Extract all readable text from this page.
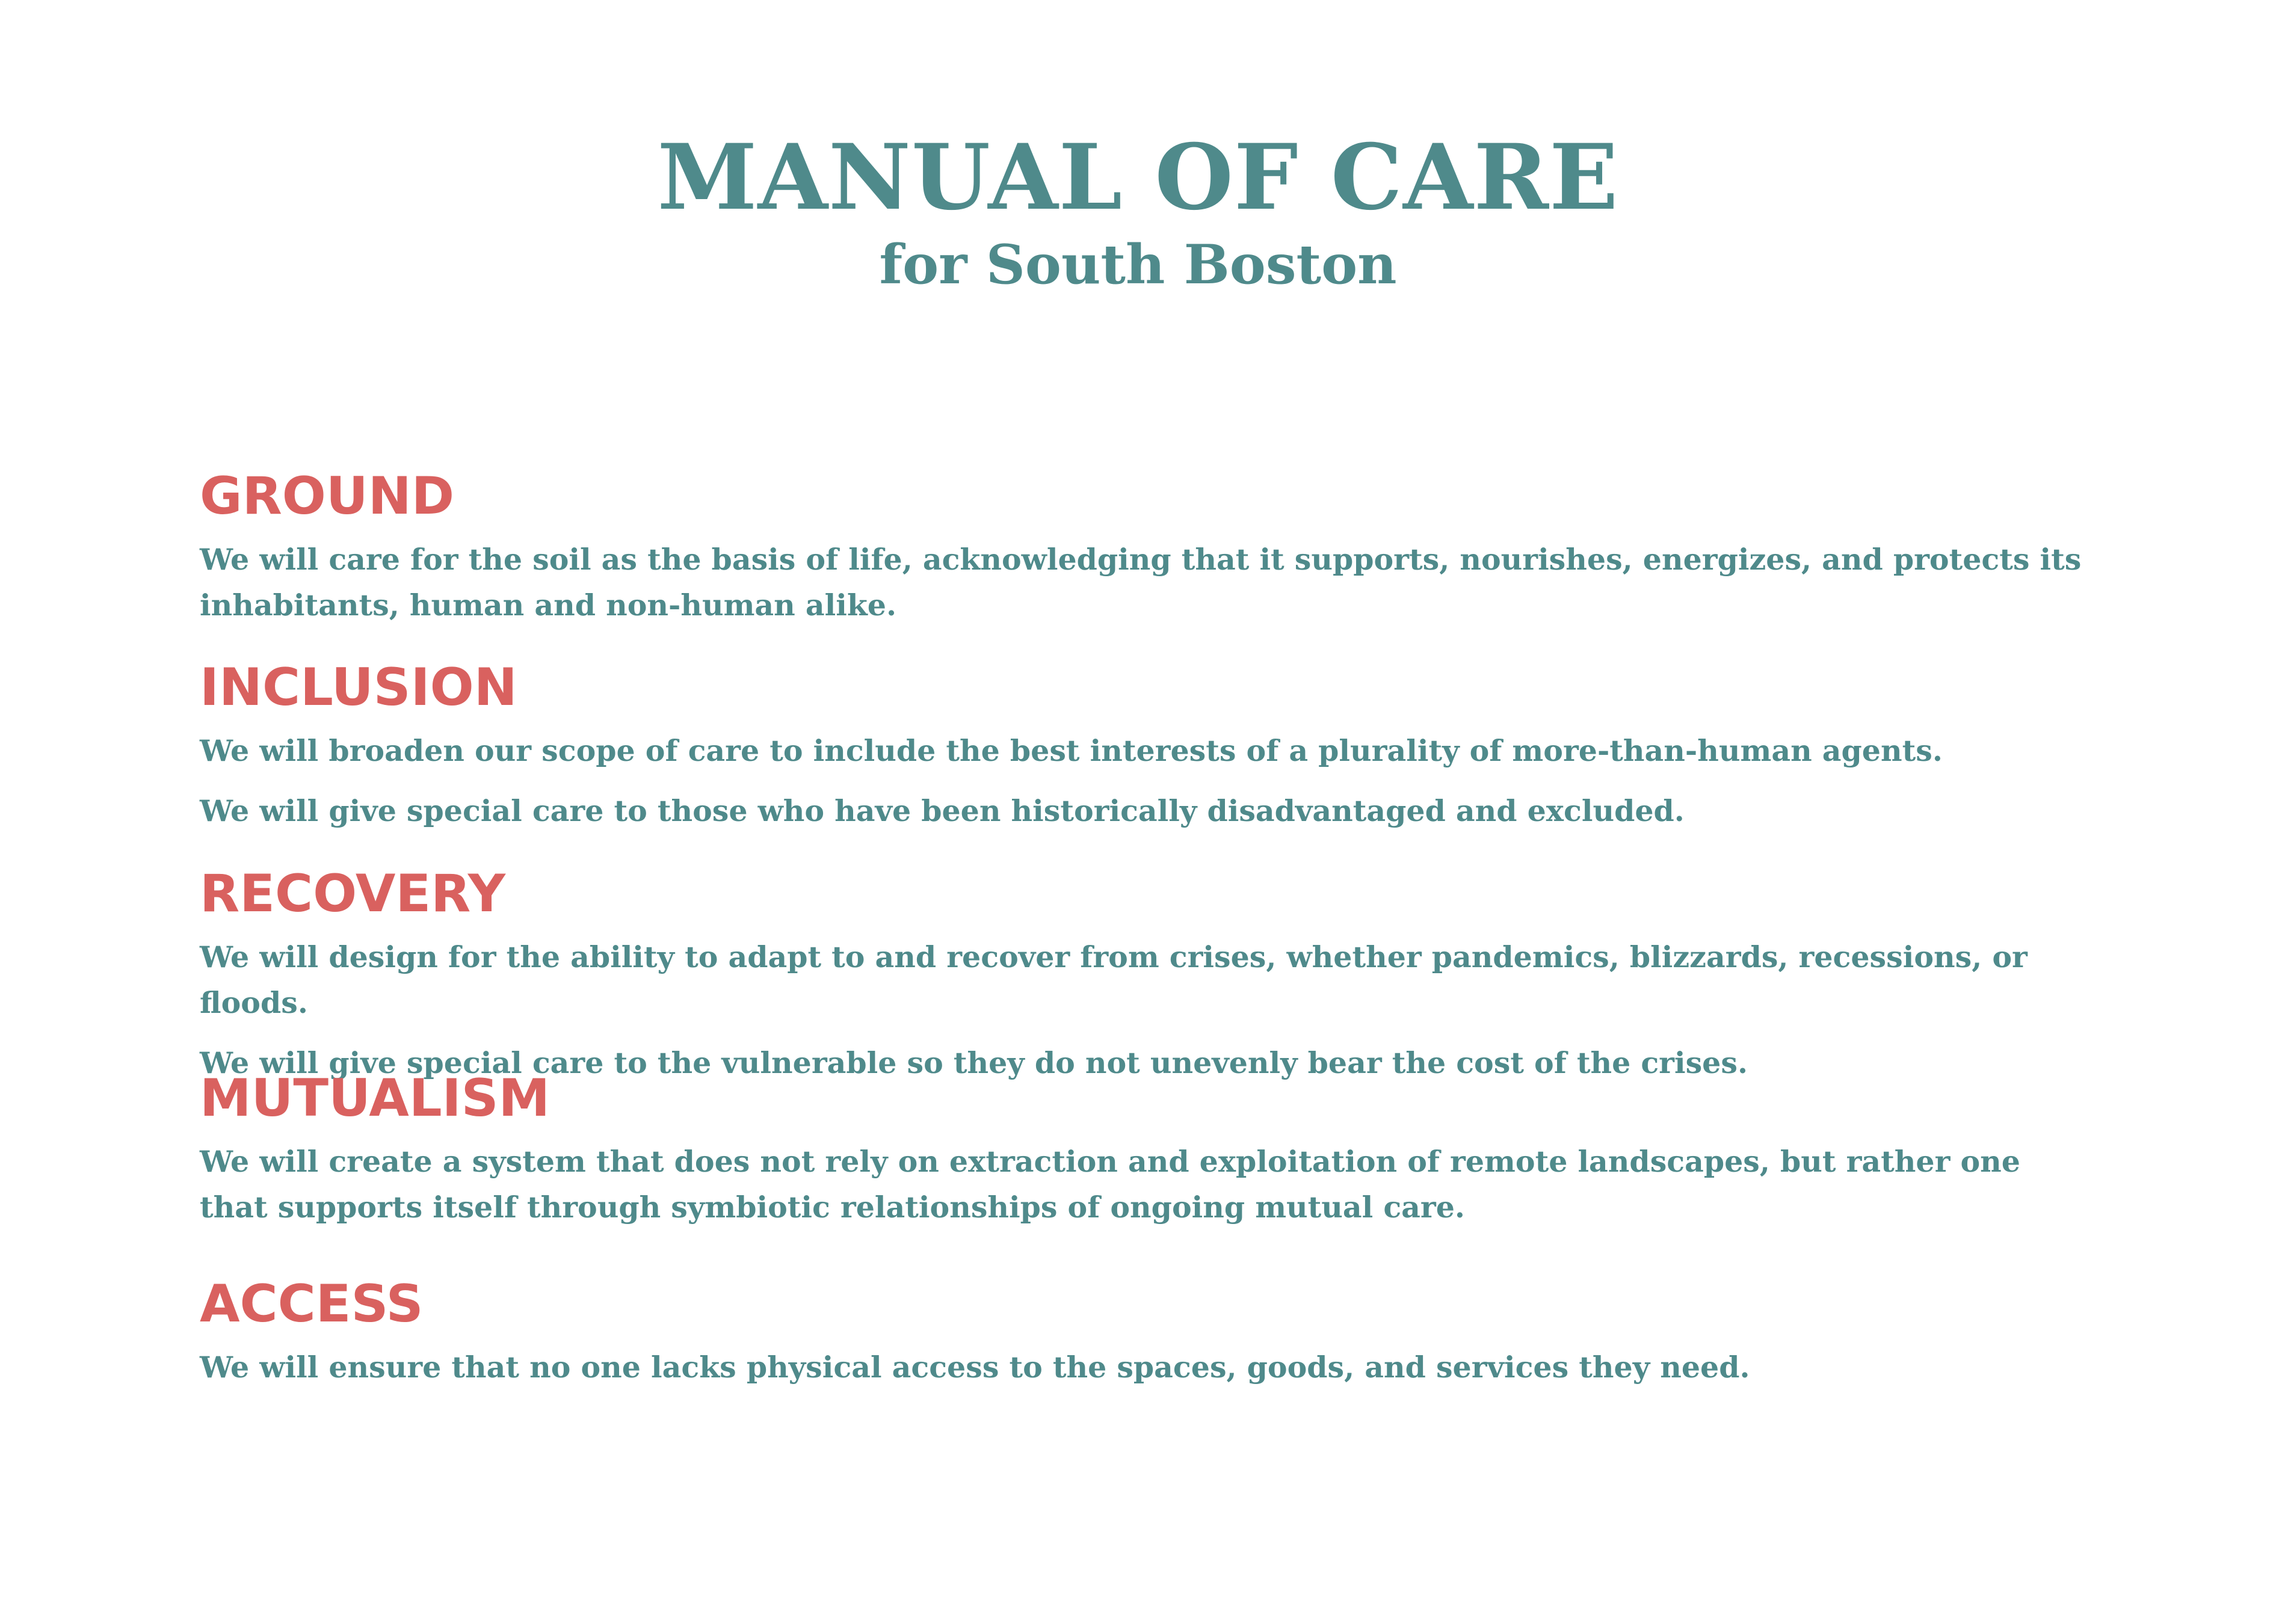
MANUAL OF CARE
for South Boston
GROUND

We will care for the soil as the basis of life, acknowledging that it supports, nourishes, energizes, and protects its inhabitants, human and non-human alike.

INCLUSION

We will broaden our scope of care to include the best interests of a plurality of more-than-human agents.

We will give special care to those who have been historically disadvantaged and excluded.

RECOVERY

We will design for the ability to adapt to and recover from crises, whether pandemics, blizzards, recessions, or floods.

We will give special care to the vulnerable so they do not unevenly bear the cost of the crises.

MUTUALISM

We will create a system that does not rely on extraction and exploitation of remote landscapes, but rather one that supports itself through symbiotic relationships of ongoing mutual care.

ACCESS

We will ensure that no one lacks physical access to the spaces, goods, and services they need.
